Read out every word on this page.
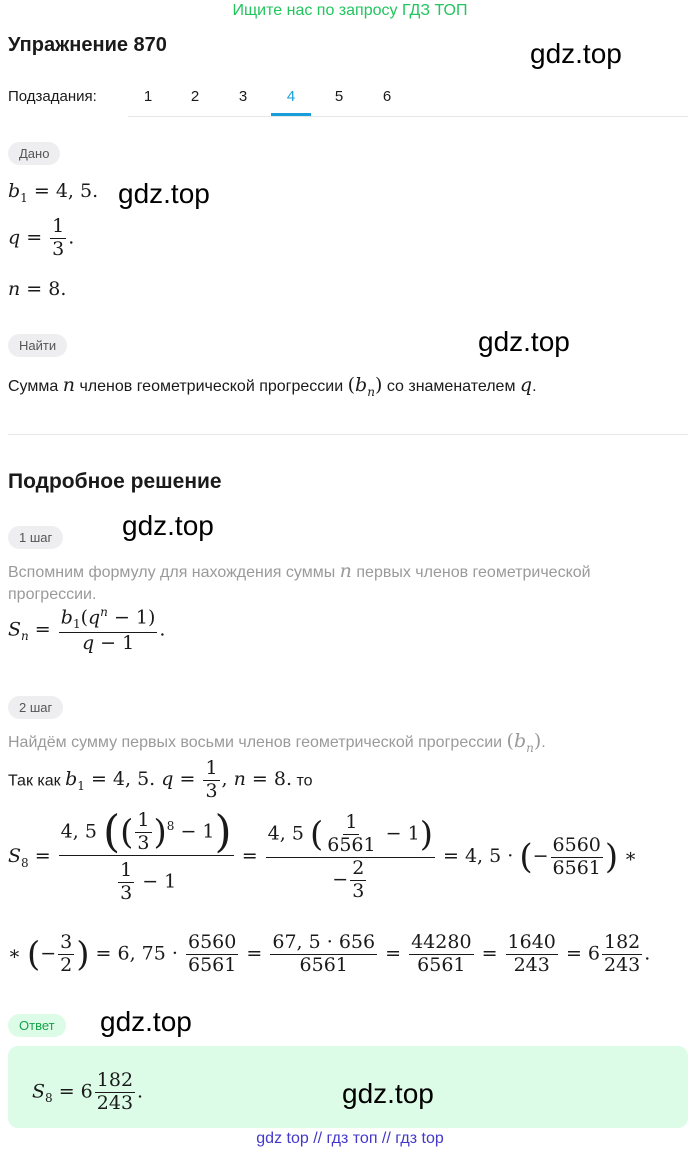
Ищите нас по запросу ГДЗ ТОП
Упражнение 870	gdz.top
Подзадания:	1	2	3	4	5	6
Дано
$b_1 = 4$, 5. gdz.top
$q = \frac{1}{3}$ .
n = 8.
Найти	gdz.top
Сумма n членов геометрической прогрессии $(b_n)$ со знаменателем q.
Подробное решение
1 шаг	gdz.top
Вспомним формулу для нахождения суммы n первых членов геометрической прогрессии.
$S_n = \frac{b_1(q^n - 1)}{q - 1}$ .
2 шаг
Найдём сумму первых восьми членов геометрической прогрессии $(b_n)$.
Так как $b_1 = 4$, 5. $q = \frac{1}{3}$ , n = 8. то
$S_8 = \frac{4, 5 (( \frac{1}{3} )^8 - 1)}{\frac{1}{3} - 1} = \frac{4, 5 ( \frac{1}{6561} - 1)}{- \frac{2}{3}} = 4$, 5 · (− $\frac{6560}{6561}$ ) ∗
∗ (− $\frac{3}{2}$ ) = 6, $75 \cdot \frac{6560}{6561} = \frac{67, 5 \cdot 656}{6561} = \frac{44280}{6561} = \frac{1640}{243} = 6 \frac{182}{243}$ .
Ответ	gdz.top
$S_8 = 6 \frac{182}{243}$ .	gdz.top
gdz top // гдз топ // гдз top
